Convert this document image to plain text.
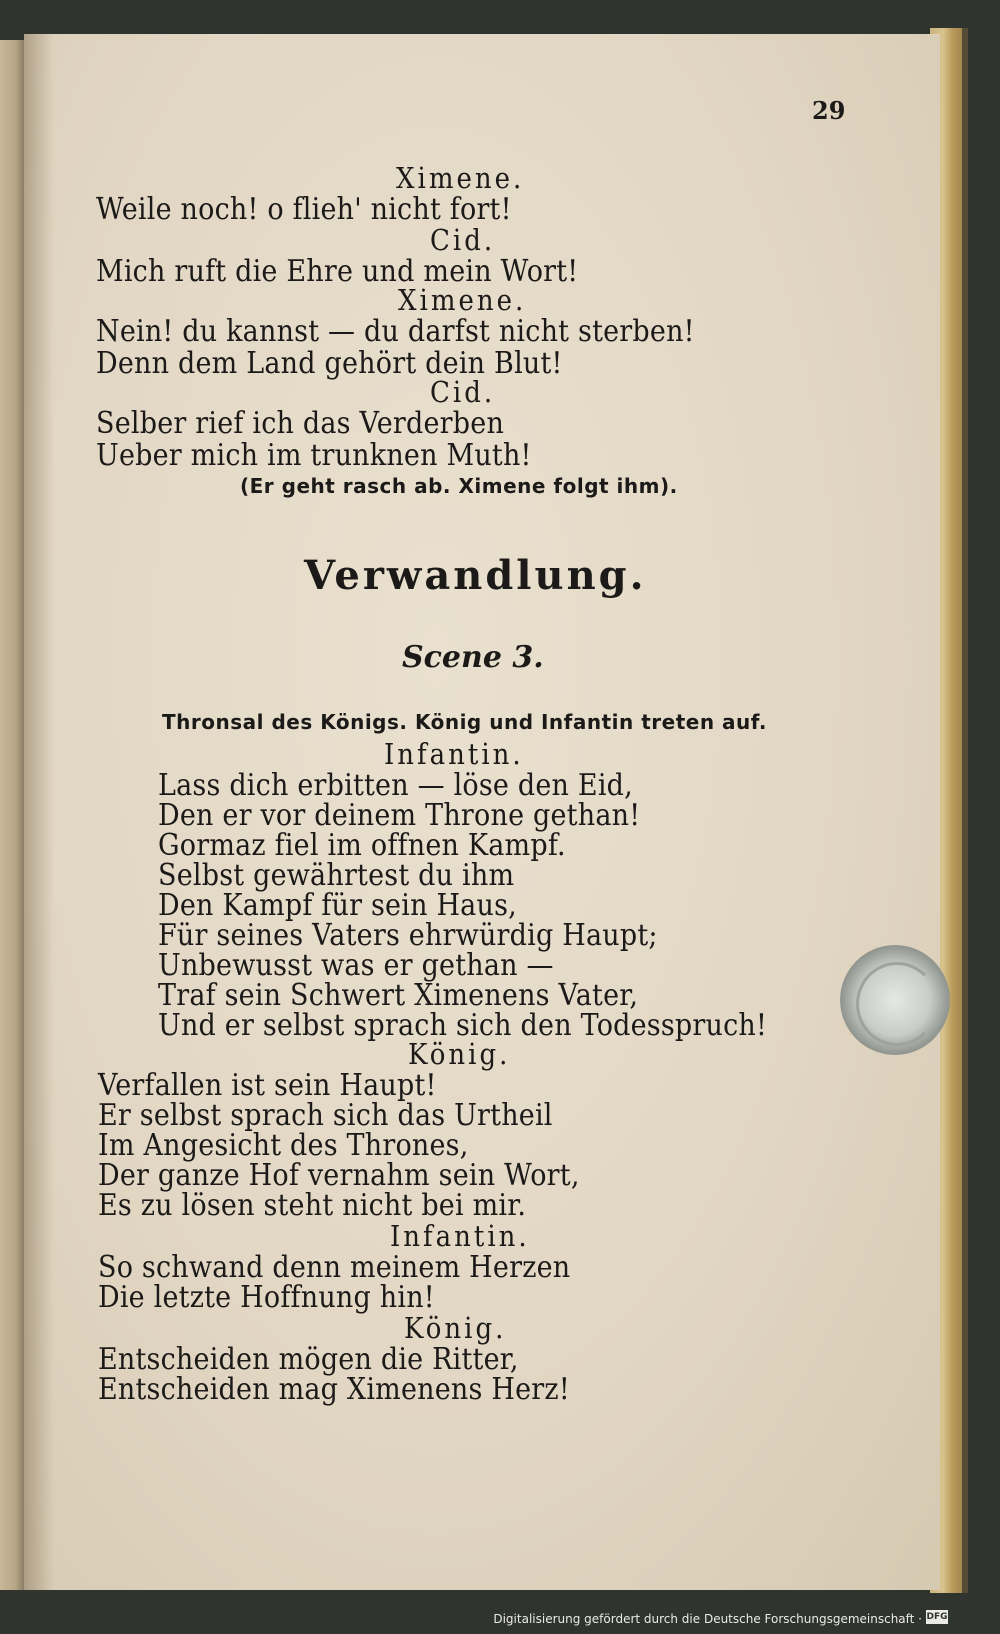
29
Ximene.
Weile noch! o flieh' nicht fort!
Cid.
Mich ruft die Ehre und mein Wort!
Ximene.
Nein! du kannst — du darfst nicht sterben!
Denn dem Land gehört dein Blut!
Cid.
Selber rief ich das Verderben
Ueber mich im trunknen Muth!
(Er geht rasch ab. Ximene folgt ihm).
Verwandlung.
Scene 3.
Thronsal des Königs. König und Infantin treten auf.
Infantin.
Lass dich erbitten — löse den Eid,
Den er vor deinem Throne gethan!
Gormaz fiel im offnen Kampf.
Selbst gewährtest du ihm
Den Kampf für sein Haus,
Für seines Vaters ehrwürdig Haupt;
Unbewusst was er gethan —
Traf sein Schwert Ximenens Vater,
Und er selbst sprach sich den Todesspruch!
König.
Verfallen ist sein Haupt!
Er selbst sprach sich das Urtheil
Im Angesicht des Thrones,
Der ganze Hof vernahm sein Wort,
Es zu lösen steht nicht bei mir.
Infantin.
So schwand denn meinem Herzen
Die letzte Hoffnung hin!
König.
Entscheiden mögen die Ritter,
Entscheiden mag Ximenens Herz!
Digitalisierung gefördert durch die Deutsche Forschungsgemeinschaft · DFG
